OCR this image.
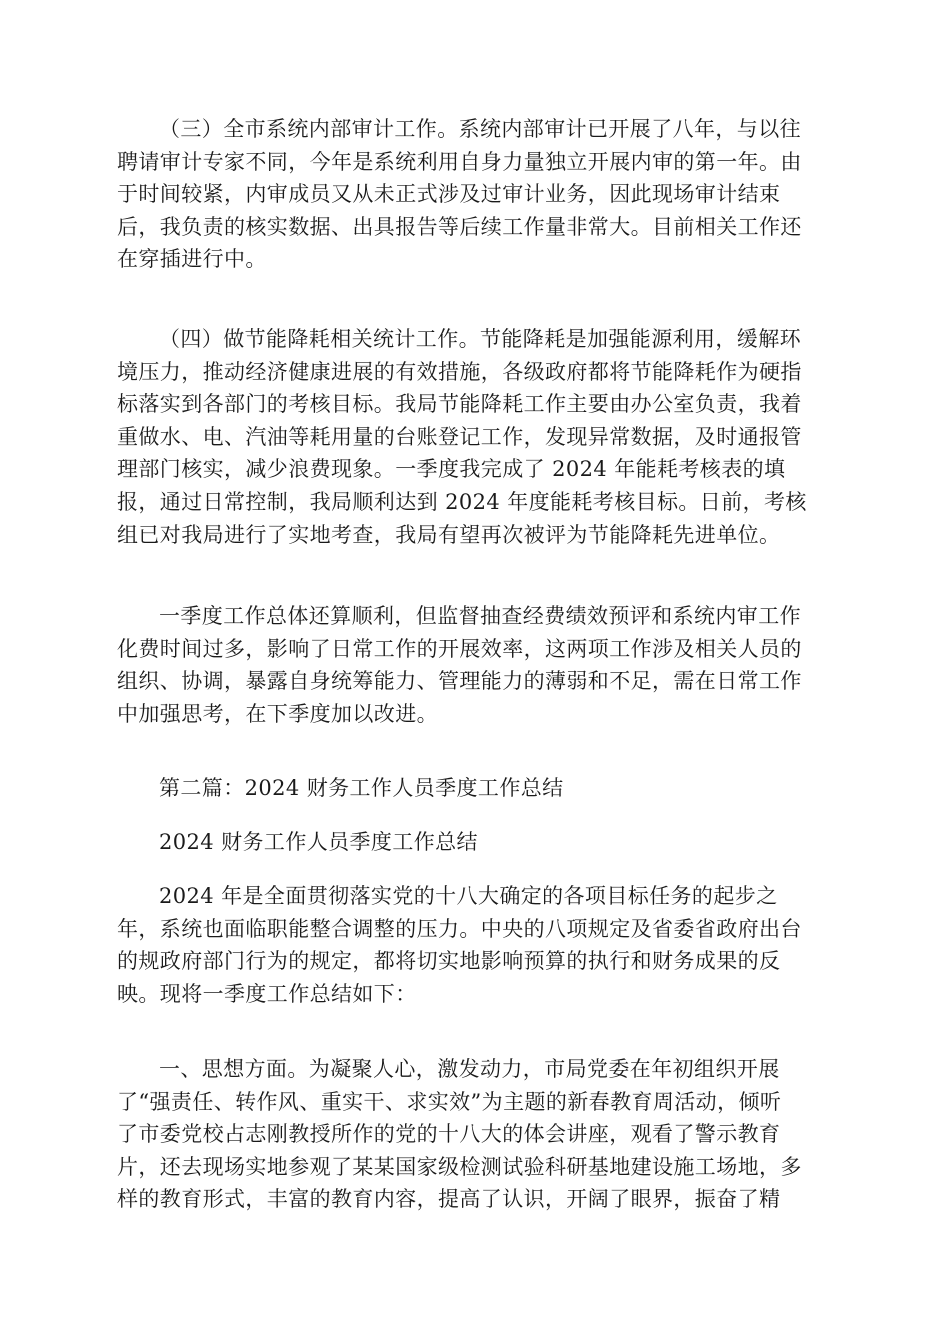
（三）全市系统内部审计工作。系统内部审计已开展了八年，与以往
聘请审计专家不同，今年是系统利用自身力量独立开展内审的第一年。由
于时间较紧，内审成员又从未正式涉及过审计业务，因此现场审计结束
后，我负责的核实数据、出具报告等后续工作量非常大。目前相关工作还
在穿插进行中。
（四）做节能降耗相关统计工作。节能降耗是加强能源利用，缓解环
境压力，推动经济健康进展的有效措施，各级政府都将节能降耗作为硬指
标落实到各部门的考核目标。我局节能降耗工作主要由办公室负责，我着
重做水、电、汽油等耗用量的台账登记工作，发现异常数据，及时通报管
理部门核实，减少浪费现象。一季度我完成了 2024 年能耗考核表的填
报，通过日常控制，我局顺利达到 2024 年度能耗考核目标。日前，考核
组已对我局进行了实地考查，我局有望再次被评为节能降耗先进单位。
一季度工作总体还算顺利，但监督抽查经费绩效预评和系统内审工作
化费时间过多，影响了日常工作的开展效率，这两项工作涉及相关人员的
组织、协调，暴露自身统筹能力、管理能力的薄弱和不足，需在日常工作
中加强思考，在下季度加以改进。
第二篇：2024 财务工作人员季度工作总结
2024 财务工作人员季度工作总结
2024 年是全面贯彻落实党的十八大确定的各项目标任务的起步之
年，系统也面临职能整合调整的压力。中央的八项规定及省委省政府出台
的规政府部门行为的规定，都将切实地影响预算的执行和财务成果的反
映。现将一季度工作总结如下：
一、思想方面。为凝聚人心，激发动力，市局党委在年初组织开展
了“强责任、转作风、重实干、求实效”为主题的新春教育周活动，倾听
了市委党校占志刚教授所作的党的十八大的体会讲座，观看了警示教育
片，还去现场实地参观了某某国家级检测试验科研基地建设施工场地，多
样的教育形式，丰富的教育内容，提高了认识，开阔了眼界，振奋了精
